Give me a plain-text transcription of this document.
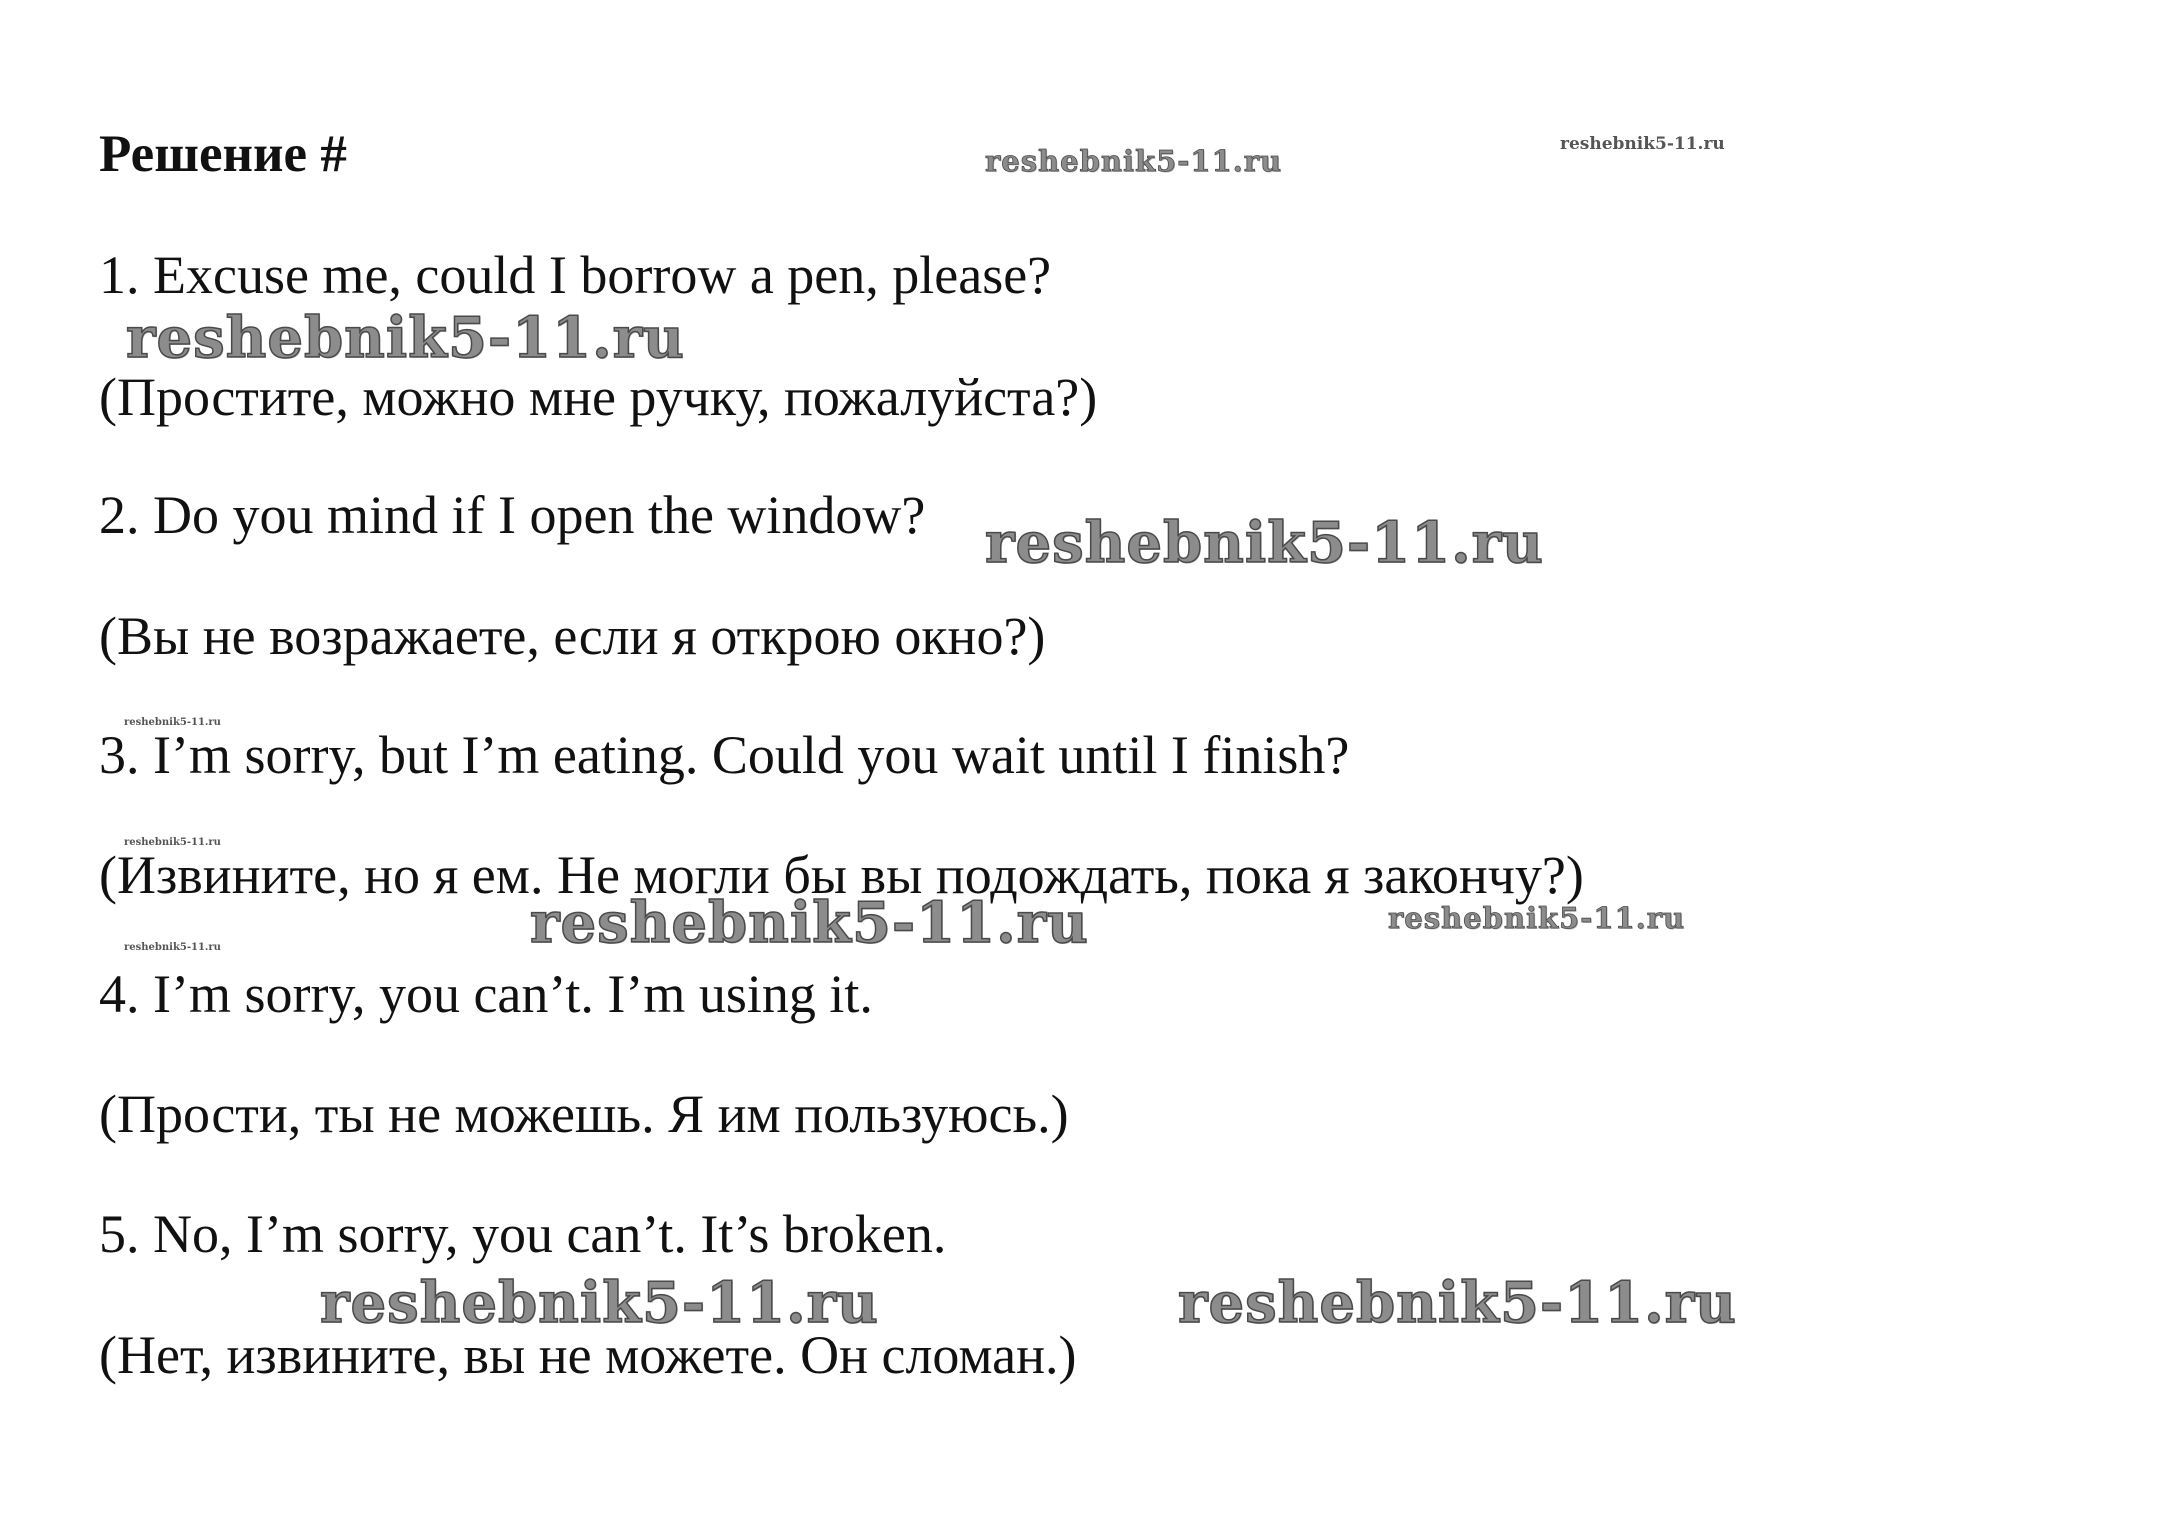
Решение #
1. Excuse me, could I borrow a pen, please?
(Простите, можно мне ручку, пожалуйста?)
2. Do you mind if I open the window?
(Вы не возражаете, если я открою окно?)
3. I’m sorry, but I’m eating. Could you wait until I finish?
(Извините, но я ем. Не могли бы вы подождать, пока я закончу?)
4. I’m sorry, you can’t. I’m using it.
(Прости, ты не можешь. Я им пользуюсь.)
5. No, I’m sorry, you can’t. It’s broken.
(Нет, извините, вы не можете. Он сломан.)
reshebnik5-11.ru	reshebnik5-11.ru
reshebnik5-11.ru
reshebnik5-11.ru
reshebnik5-11.ru
reshebnik5-11.ru
reshebnik5-11.ru	reshebnik5-11.ru
reshebnik5-11.ru
reshebnik5-11.ru	reshebnik5-11.ru
